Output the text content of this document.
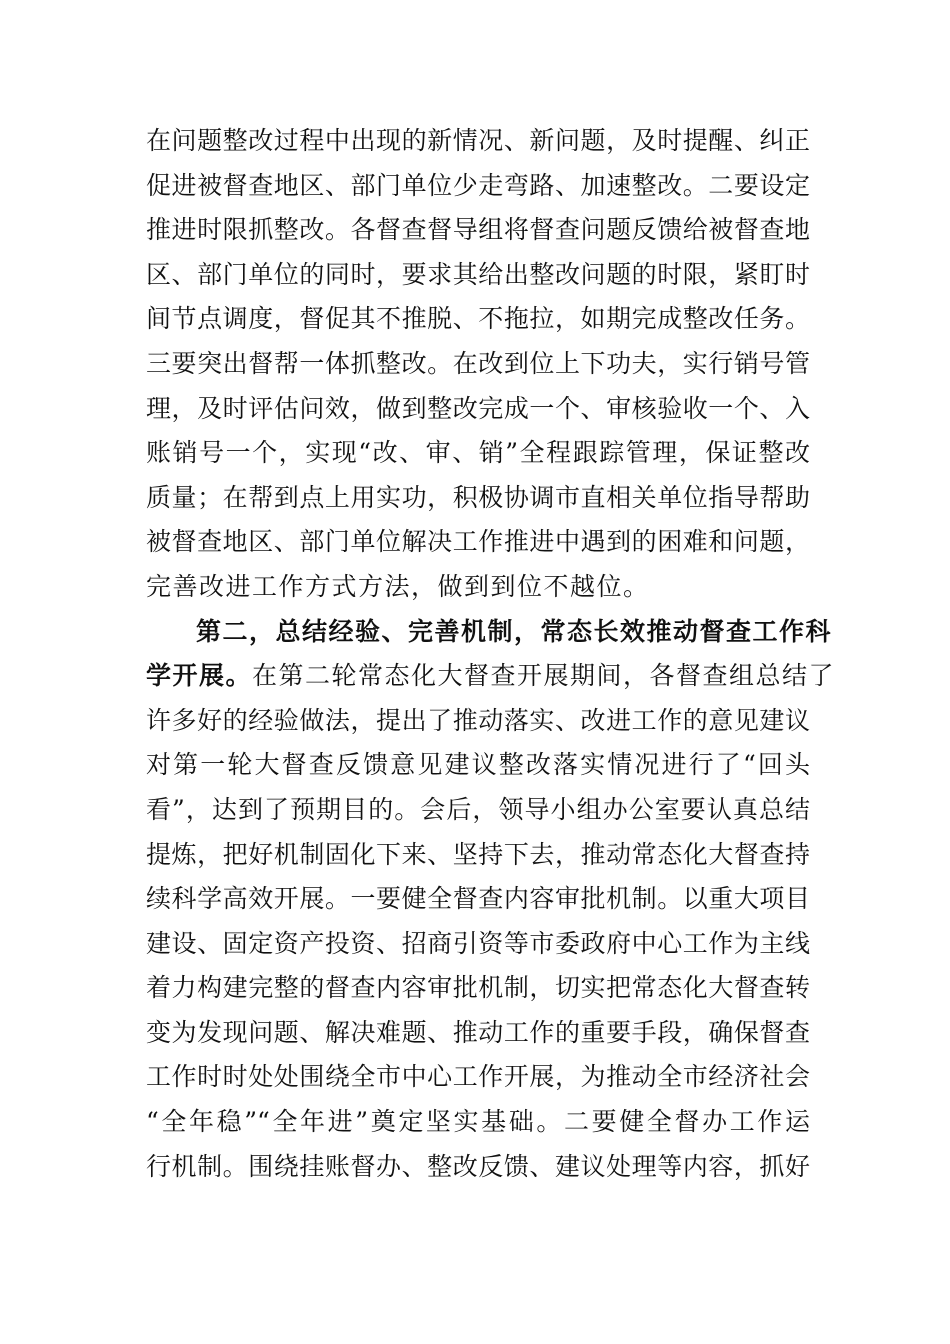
在问题整改过程中出现的新情况、新问题，及时提醒、纠正
促进被督查地区、部门单位少走弯路、加速整改。二要设定
推进时限抓整改。各督查督导组将督查问题反馈给被督查地
区、部门单位的同时，要求其给出整改问题的时限，紧盯时
间节点调度，督促其不推脱、不拖拉，如期完成整改任务。
三要突出督帮一体抓整改。在改到位上下功夫，实行销号管
理，及时评估问效，做到整改完成一个、审核验收一个、入
账销号一个，实现“改、审、销”全程跟踪管理，保证整改
质量；在帮到点上用实功，积极协调市直相关单位指导帮助
被督查地区、部门单位解决工作推进中遇到的困难和问题，
完善改进工作方式方法，做到到位不越位。
第二，总结经验、完善机制，常态长效推动督查工作科
学开展。在第二轮常态化大督查开展期间，各督查组总结了
许多好的经验做法，提出了推动落实、改进工作的意见建议
对第一轮大督查反馈意见建议整改落实情况进行了“回头
看”，达到了预期目的。会后，领导小组办公室要认真总结
提炼，把好机制固化下来、坚持下去，推动常态化大督查持
续科学高效开展。一要健全督查内容审批机制。以重大项目
建设、固定资产投资、招商引资等市委政府中心工作为主线
着力构建完整的督查内容审批机制，切实把常态化大督查转
变为发现问题、解决难题、推动工作的重要手段，确保督查
工作时时处处围绕全市中心工作开展，为推动全市经济社会
“全年稳”“全年进”奠定坚实基础。二要健全督办工作运
行机制。围绕挂账督办、整改反馈、建议处理等内容，抓好
